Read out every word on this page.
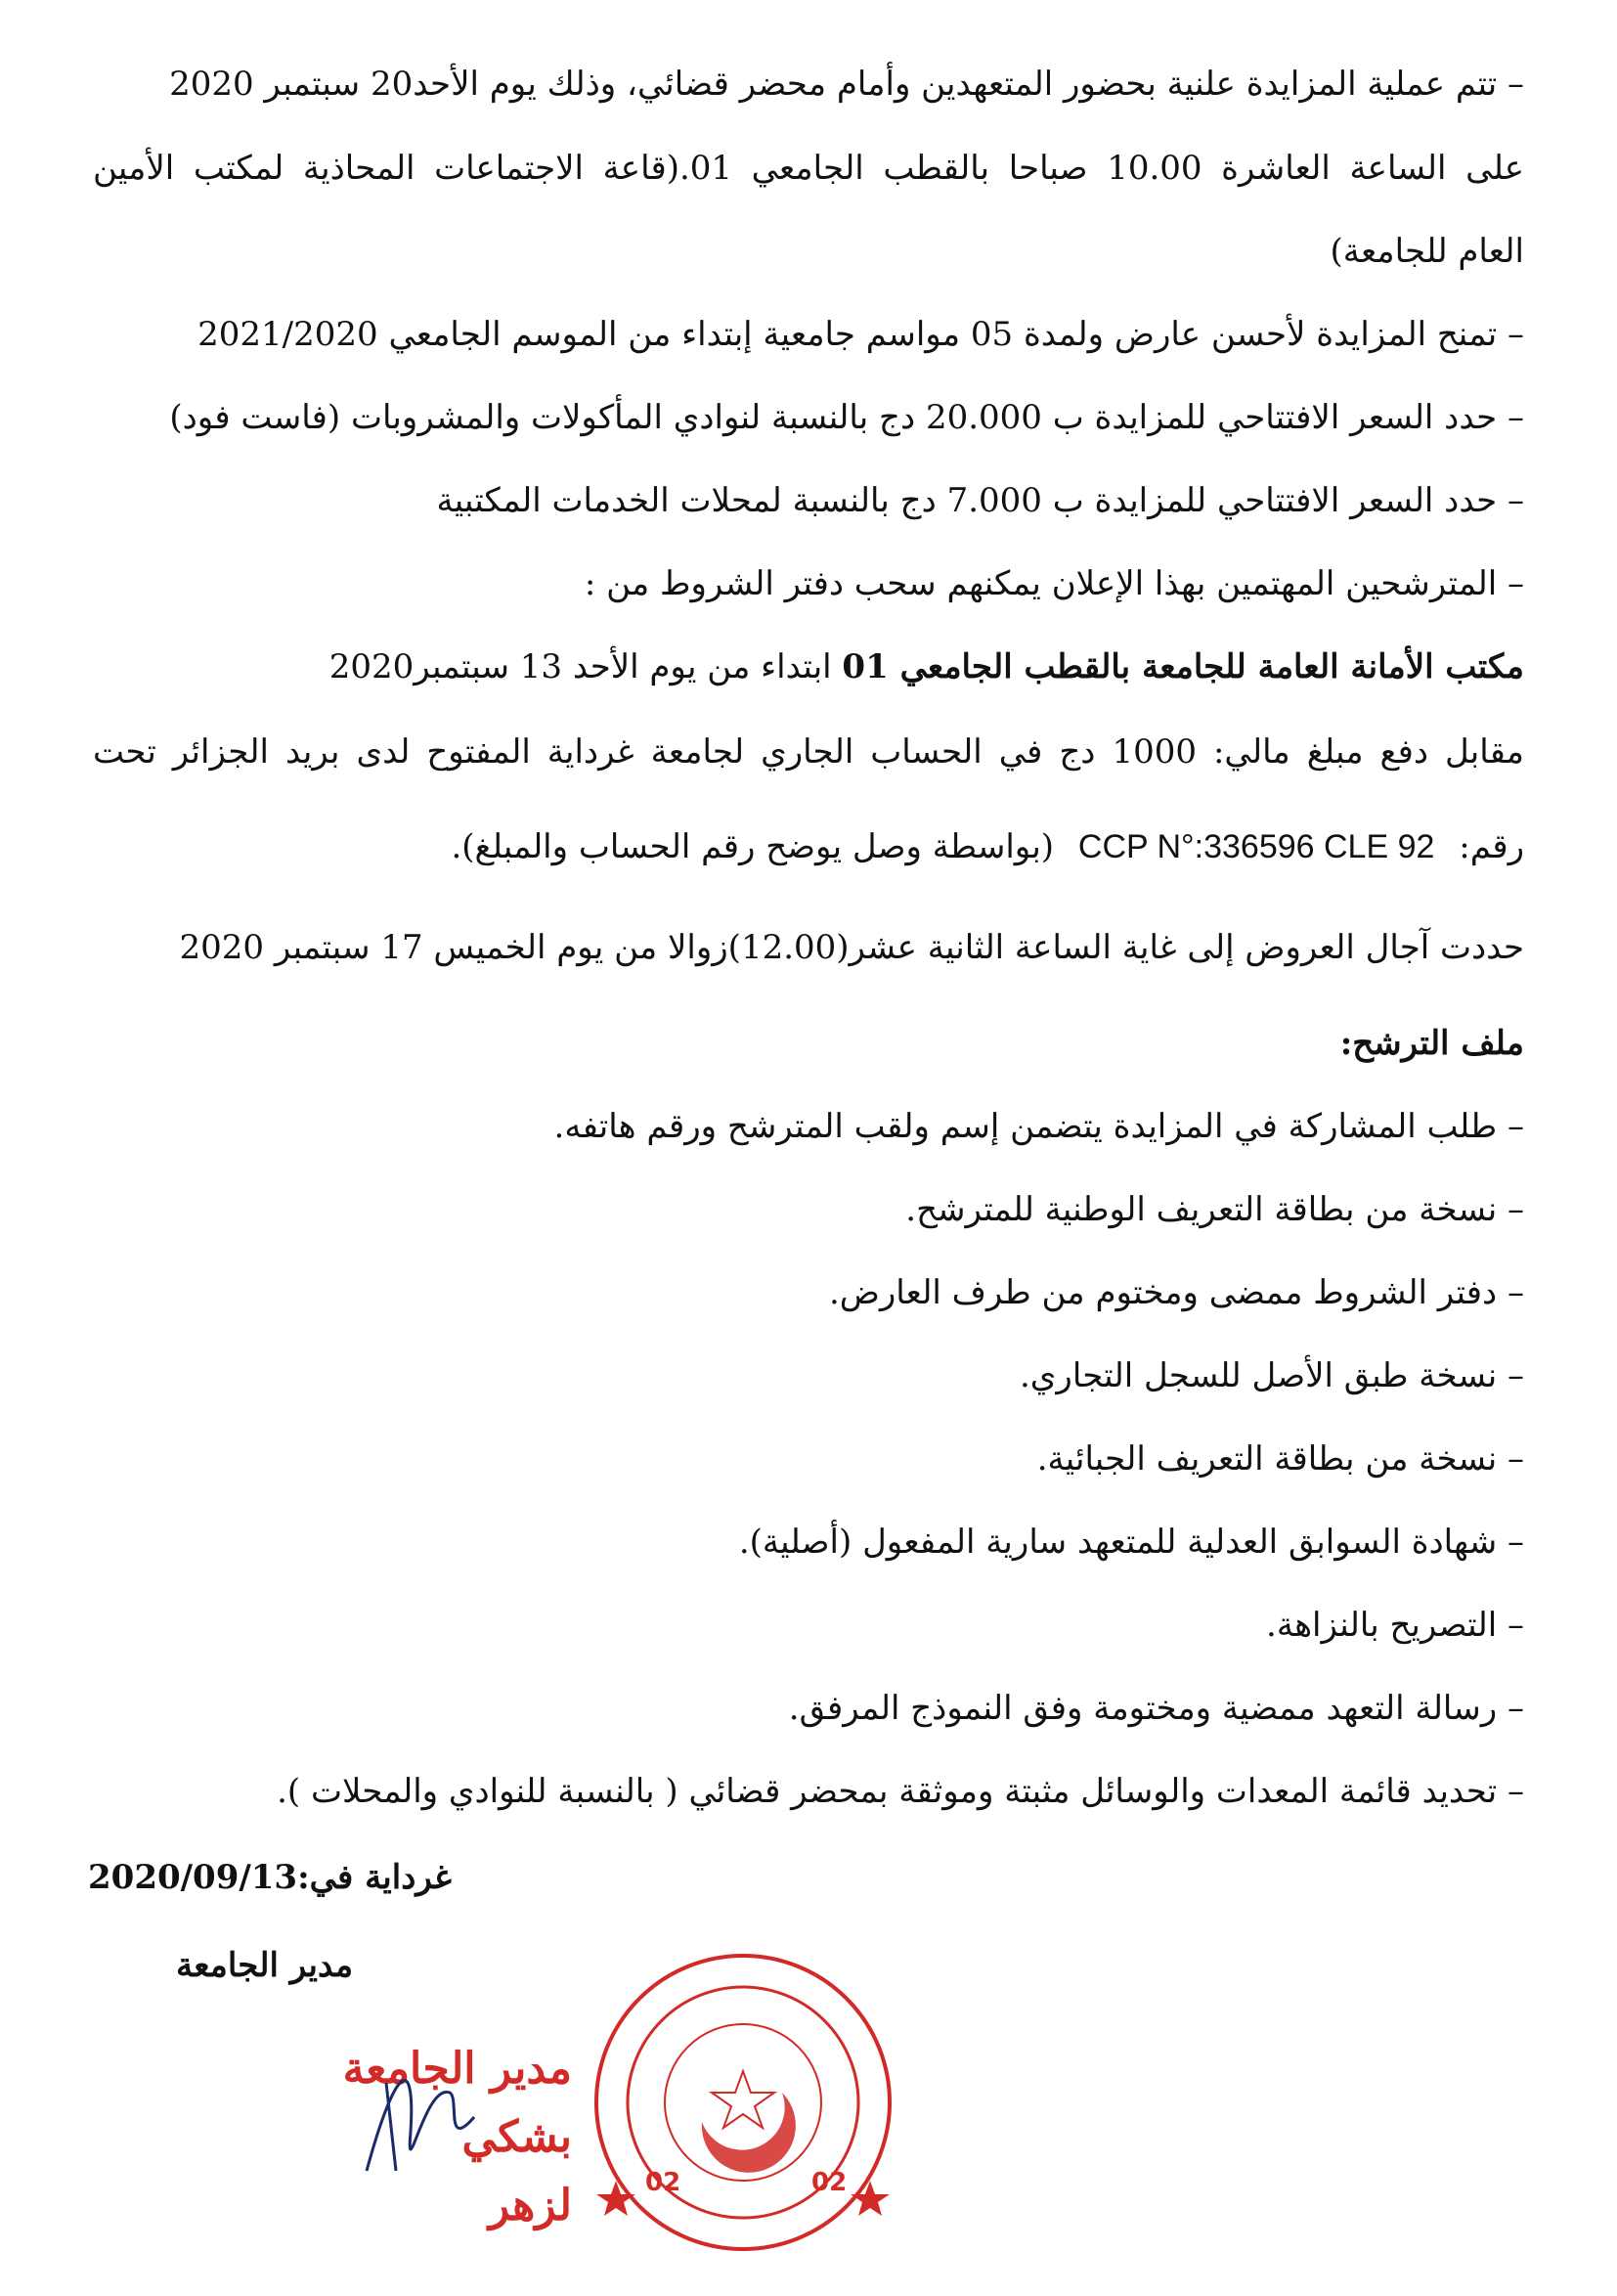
– تتم عملية المزايدة علنية بحضور المتعهدين وأمام محضر قضائي، وذلك يوم الأحد20 سبتمبر 2020
على الساعة العاشرة 10.00 صباحا بالقطب الجامعي 01.(قاعة الاجتماعات المحاذية لمكتب الأمين
العام للجامعة)
– تمنح المزايدة لأحسن عارض ولمدة 05 مواسم جامعية إبتداء من الموسم الجامعي 2021/2020
– حدد السعر الافتتاحي للمزايدة ب 20.000 دج بالنسبة لنوادي المأكولات والمشروبات (فاست فود)
– حدد السعر الافتتاحي للمزايدة ب 7.000 دج بالنسبة لمحلات الخدمات المكتبية
– المترشحين المهتمين بهذا الإعلان يمكنهم سحب دفتر الشروط من :
مكتب الأمانة العامة للجامعة بالقطب الجامعي 01 ابتداء من يوم الأحد 13 سبتمبر2020
مقابل دفع مبلغ مالي: 1000 دج في الحساب الجاري لجامعة غرداية المفتوح لدى بريد الجزائر تحت
رقم: CCP N°:336596 CLE 92 (بواسطة وصل يوضح رقم الحساب والمبلغ).
حددت آجال العروض إلى غاية الساعة الثانية عشر(12.00)زوالا من يوم الخميس 17 سبتمبر 2020
ملف الترشح:
– طلب المشاركة في المزايدة يتضمن إسم ولقب المترشح ورقم هاتفه.
– نسخة من بطاقة التعريف الوطنية للمترشح.
– دفتر الشروط ممضى ومختوم من طرف العارض.
– نسخة طبق الأصل للسجل التجاري.
– نسخة من بطاقة التعريف الجبائية.
– شهادة السوابق العدلية للمتعهد سارية المفعول (أصلية).
– التصريح بالنزاهة.
– رسالة التعهد ممضية ومختومة وفق النموذج المرفق.
– تحديد قائمة المعدات والوسائل مثبتة وموثقة بمحضر قضائي ( بالنسبة للنوادي والمحلات ).
غرداية في:2020/09/13
مدير الجامعة
مدير الجامعة
بشكي
لزهر	02	02
